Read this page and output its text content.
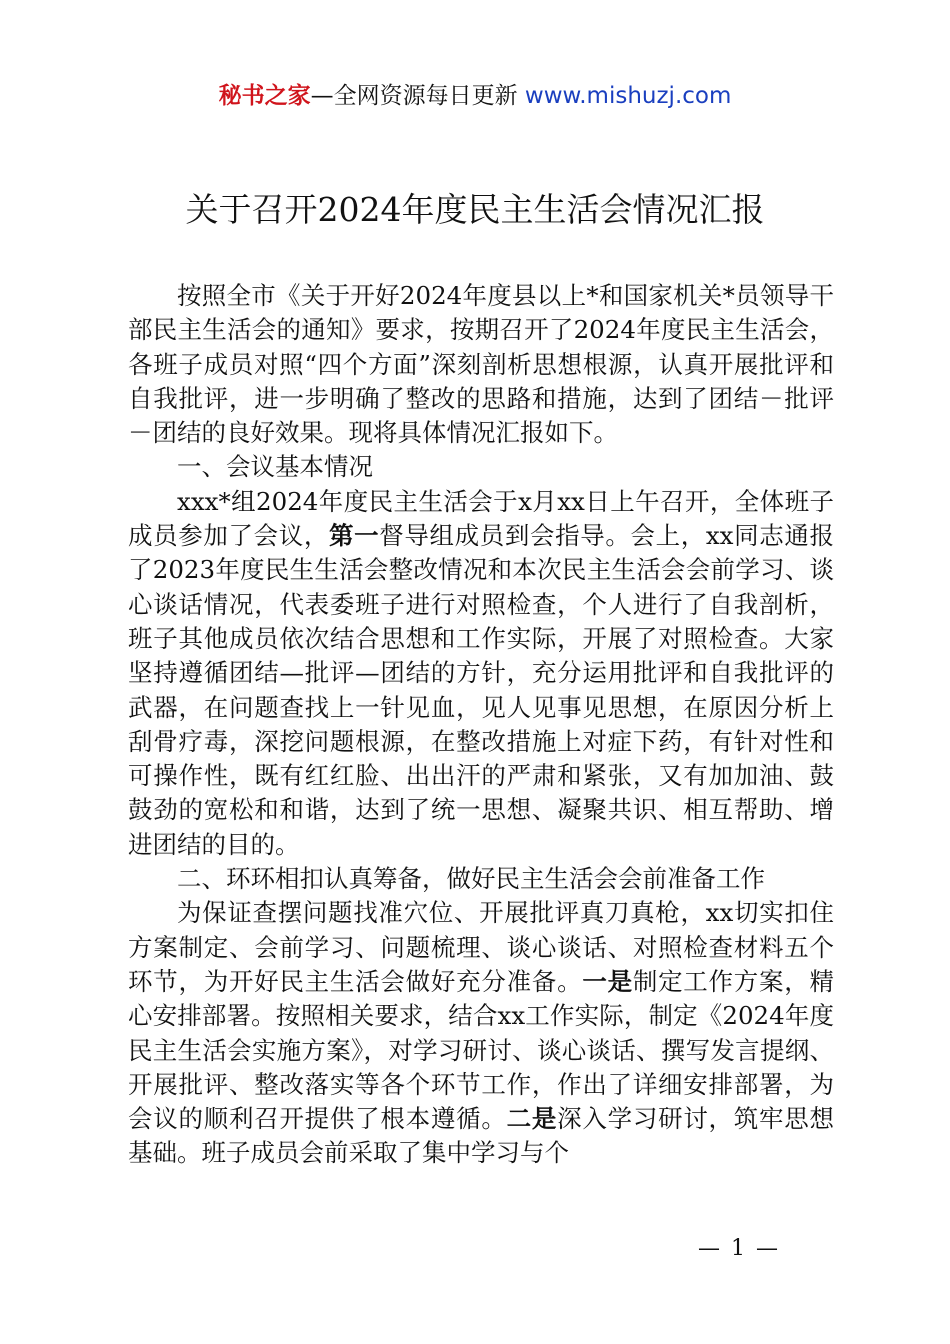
秘书之家—全网资源每日更新 www.mishuzj.com
关于召开2024年度民主生活会情况汇报

按照全市《关于开好2024年度县以上*和国家机关*员领导干部民主生活会的通知》要求，按期召开了2024年度民主生活会，各班子成员对照“四个方面”深刻剖析思想根源，认真开展批评和自我批评，进一步明确了整改的思路和措施，达到了团结－批评－团结的良好效果。现将具体情况汇报如下。

一、会议基本情况

xxx*组2024年度民主生活会于x月xx日上午召开，全体班子成员参加了会议，第一督导组成员到会指导。会上，xx同志通报了2023年度民生生活会整改情况和本次民主生活会会前学习、谈心谈话情况，代表委班子进行对照检查，个人进行了自我剖析，班子其他成员依次结合思想和工作实际，开展了对照检查。大家坚持遵循团结—批评—团结的方针，充分运用批评和自我批评的武器，在问题查找上一针见血，见人见事见思想，在原因分析上刮骨疗毒，深挖问题根源，在整改措施上对症下药，有针对性和可操作性，既有红红脸、出出汗的严肃和紧张，又有加加油、鼓鼓劲的宽松和和谐，达到了统一思想、凝聚共识、相互帮助、增进团结的目的。

二、环环相扣认真筹备，做好民主生活会会前准备工作

为保证查摆问题找准穴位、开展批评真刀真枪，xx切实扣住方案制定、会前学习、问题梳理、谈心谈话、对照检查材料五个环节，为开好民主生活会做好充分准备。一是制定工作方案，精心安排部署。按照相关要求，结合xx工作实际，制定《2024年度民主生活会实施方案》，对学习研讨、谈心谈话、撰写发言提纲、开展批评、整改落实等各个环节工作，作出了详细安排部署，为会议的顺利召开提供了根本遵循。二是深入学习研讨，筑牢思想基础。班子成员会前采取了集中学习与个

— 1 —
